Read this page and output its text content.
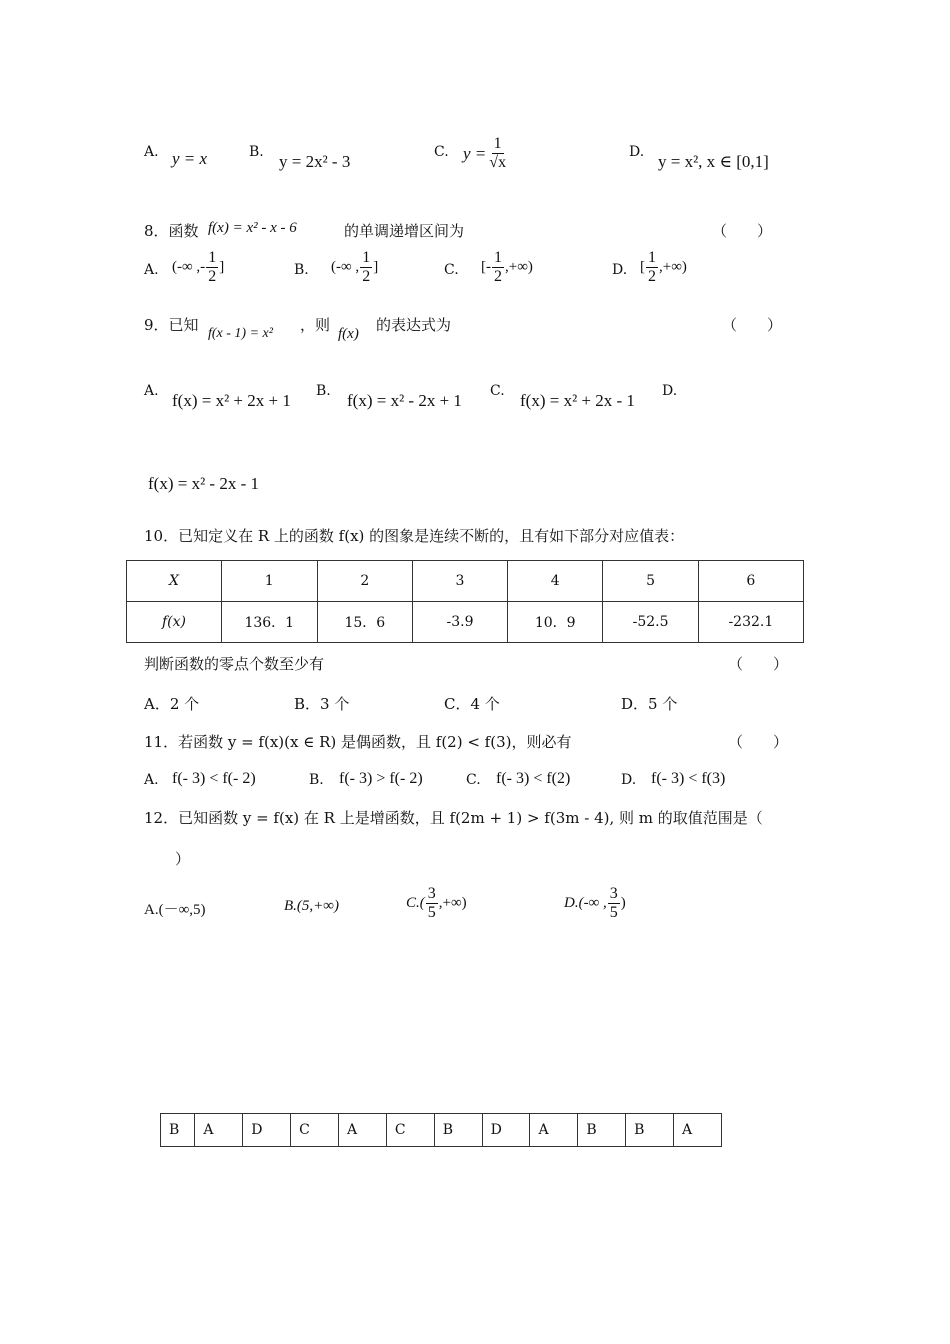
A. y = x	B. y = 2x² - 3	C. $y = \frac{1}{√x}$	D. y = x², x ∈ [0,1]
8．函数 f(x) = x² - x - 6	的单调递增区间为	（　　）
A. (-∞ ,- $\frac{1}{2}$ ]	B. (-∞ , $\frac{1}{2}$ ]	C. [- $\frac{1}{2}$ ,+∞)	D. [ $\frac{1}{2}$ ,+∞)
9．已知 f(x - 1) = x² ，则 f(x) 的表达式为	（　　）
A. f(x) = x² + 2x + 1 B. f(x) = x² - 2x + 1 C. f(x) = x² + 2x - 1 D.
f(x) = x² - 2x - 1
10．已知定义在 R 上的函数 f(x) 的图象是连续不断的，且有如下部分对应值表：
X	1	2	3	4	5	6
f(x)	136．1	15．6	-3.9	10．9	-52.5	-232.1
判断函数的零点个数至少有	（　　）
A．2 个	B．3 个	C．4 个	D．5 个
11．若函数 y = f(x)(x ∈ R) 是偶函数，且 f(2) < f(3)，则必有	（　　）
A. f(- 3) < f(- 2)	B. f(- 3) > f(- 2)	C. f(- 3) < f(2)	D. f(- 3) < f(3)
12．已知函数 y = f(x) 在 R 上是增函数，且 f(2m + 1) > f(3m - 4), 则 m 的取值范围是（
）
A.(－∞,5)	B.(5,+∞)	$C.( \frac{3}{5}$ ,+∞)	D.(-∞ , $\frac{3}{5}$ )
B	A	D	C	A	C	B	D	A	B	B	A
